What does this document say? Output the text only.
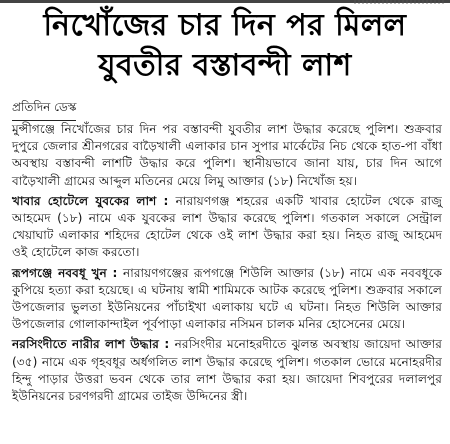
নিখোঁজের চার দিন পর মিলল
যুবতীর বস্তাবন্দী লাশ
প্রতিদিন ডেস্ক

মুন্সীগঞ্জে নিখোঁজের চার দিন পর বস্তাবন্দী যুবতীর লাশ উদ্ধার করেছে পুলিশ। শুক্রবার দুপুরে জেলার শ্রীনগরের বাড়ৈখালী এলাকার চান সুপার মার্কেটের নিচ থেকে হাত-পা বাঁধা অবস্থায় বস্তাবন্দী লাশটি উদ্ধার করে পুলিশ। স্থানীয়ভাবে জানা যায়, চার দিন আগে বাড়ৈখালী গ্রামের আব্দুল মতিনের মেয়ে লিমু আক্তার (১৮) নিখোঁজ হয়।

খাবার হোটেলে যুবকের লাশ : নারায়ণগঞ্জ শহরের একটি খাবার হোটেল থেকে রাজু আহমেদ (১৮) নামে এক যুবকের লাশ উদ্ধার করেছে পুলিশ। গতকাল সকালে সেন্ট্রাল খেয়াঘাট এলাকার শহিদের হোটেল থেকে ওই লাশ উদ্ধার করা হয়। নিহত রাজু আহমেদ ওই হোটেলে কাজ করতো।

রূপগঞ্জে নববধূ খুন : নারায়ণগঞ্জের রূপগঞ্জে শিউলি আক্তার (১৮) নামে এক নববধূকে কুপিয়ে হত্যা করা হয়েছে। এ ঘটনায় স্বামী শামিমকে আটক করেছে পুলিশ। শুক্রবার সকালে উপজেলার ভুলতা ইউনিয়নের পাঁচাইখা এলাকায় ঘটে এ ঘটনা। নিহত শিউলি আক্তার উপজেলার গোলাকান্দাইল পূর্বপাড়া এলাকার নসিমন চালক মনির হোসেনের মেয়ে।

নরসিংদীতে নারীর লাশ উদ্ধার : নরসিংদীর মনোহরদীতে ঝুলন্ত অবস্থায় জায়েদা আক্তার (৩৫) নামে এক গৃহবধূর অর্ধগলিত লাশ উদ্ধার করেছে পুলিশ। গতকাল ভোরে মনোহরদীর হিন্দু পাড়ার উত্তরা ভবন থেকে তার লাশ উদ্ধার করা হয়। জায়েদা শিবপুরের দলালপুর ইউনিয়নের চরণগরদী গ্রামের তাইজ উদ্দিনের স্ত্রী।
